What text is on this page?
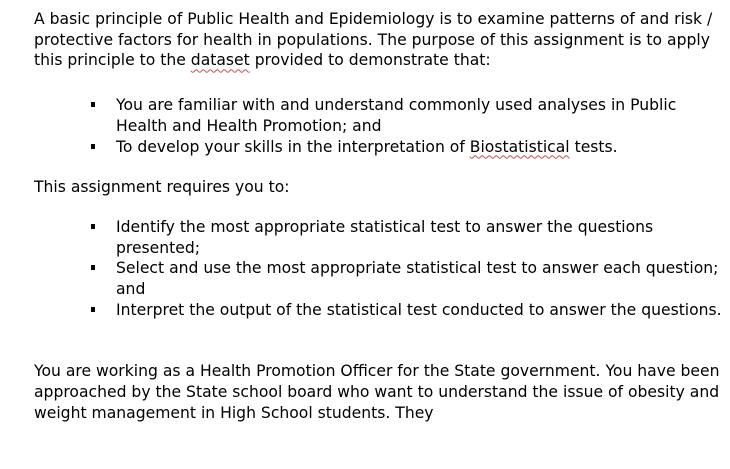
A basic principle of Public Health and Epidemiology is to examine patterns of and risk / protective factors for health in populations. The purpose of this assignment is to apply this principle to the dataset provided to demonstrate that:

You are familiar with and understand commonly used analyses in Public Health and Health Promotion; and
To develop your skills in the interpretation of Biostatistical tests.

This assignment requires you to:

Identify the most appropriate statistical test to answer the questions presented;
Select and use the most appropriate statistical test to answer each question; and
Interpret the output of the statistical test conducted to answer the questions.

You are working as a Health Promotion Officer for the State government. You have been approached by the State school board who want to understand the issue of obesity and weight management in High School students. They
